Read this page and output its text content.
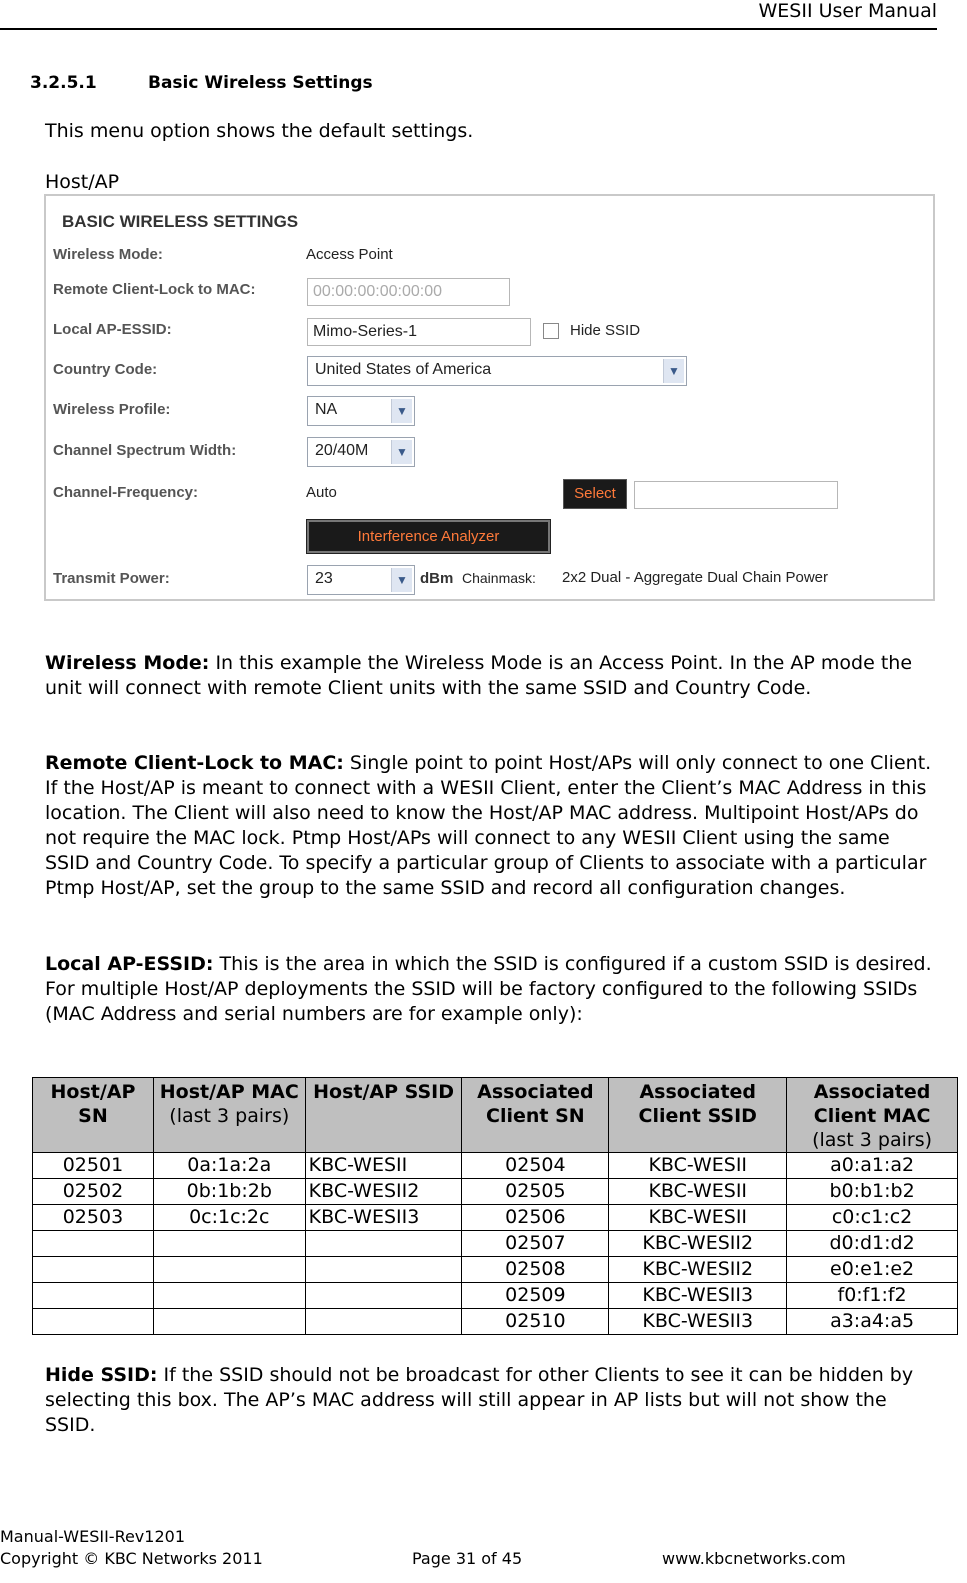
WESII User Manual
3.2.5.1	Basic Wireless Settings
This menu option shows the default settings.
Host/AP
BASIC WIRELESS SETTINGS
Wireless Mode:	Access Point
Remote Client-Lock to MAC:	00:00:00:00:00:00
Local AP-ESSID:	Mimo-Series-1	Hide SSID
Country Code:	United States of America	▼
Wireless Profile:	NA	▼
Channel Spectrum Width:	20/40M	▼
Channel-Frequency:	Auto	Select
Interference Analyzer
Transmit Power:	23	▼ dBm Chainmask: 2x2 Dual - Aggregate Dual Chain Power
Wireless Mode: In this example the Wireless Mode is an Access Point. In the AP mode the unit will connect with remote Client units with the same SSID and Country Code.
Remote Client-Lock to MAC: Single point to point Host/APs will only connect to one Client. If the Host/AP is meant to connect with a WESII Client, enter the Client’s MAC Address in this location. The Client will also need to know the Host/AP MAC address. Multipoint Host/APs do not require the MAC lock. Ptmp Host/APs will connect to any WESII Client using the same SSID and Country Code. To specify a particular group of Clients to associate with a particular Ptmp Host/AP, set the group to the same SSID and record all configuration changes.
Local AP-ESSID: This is the area in which the SSID is configured if a custom SSID is desired. For multiple Host/AP deployments the SSID will be factory configured to the following SSIDs (MAC Address and serial numbers are for example only):
Host/AP SN	Host/AP MAC (last 3 pairs)	Host/AP SSID	Associated Client SN	Associated Client SSID	Associated Client MAC (last 3 pairs)
02501	0a:1a:2a	KBC-WESII	02504	KBC-WESII	a0:a1:a2
02502	0b:1b:2b	KBC-WESII2	02505	KBC-WESII	b0:b1:b2
02503	0c:1c:2c	KBC-WESII3	02506	KBC-WESII	c0:c1:c2
			02507	KBC-WESII2	d0:d1:d2
			02508	KBC-WESII2	e0:e1:e2
			02509	KBC-WESII3	f0:f1:f2
			02510	KBC-WESII3	a3:a4:a5
Hide SSID: If the SSID should not be broadcast for other Clients to see it can be hidden by selecting this box. The AP’s MAC address will still appear in AP lists but will not show the SSID.
Manual-WESII-Rev1201
Copyright © KBC Networks 2011	Page 31 of 45	www.kbcnetworks.com
